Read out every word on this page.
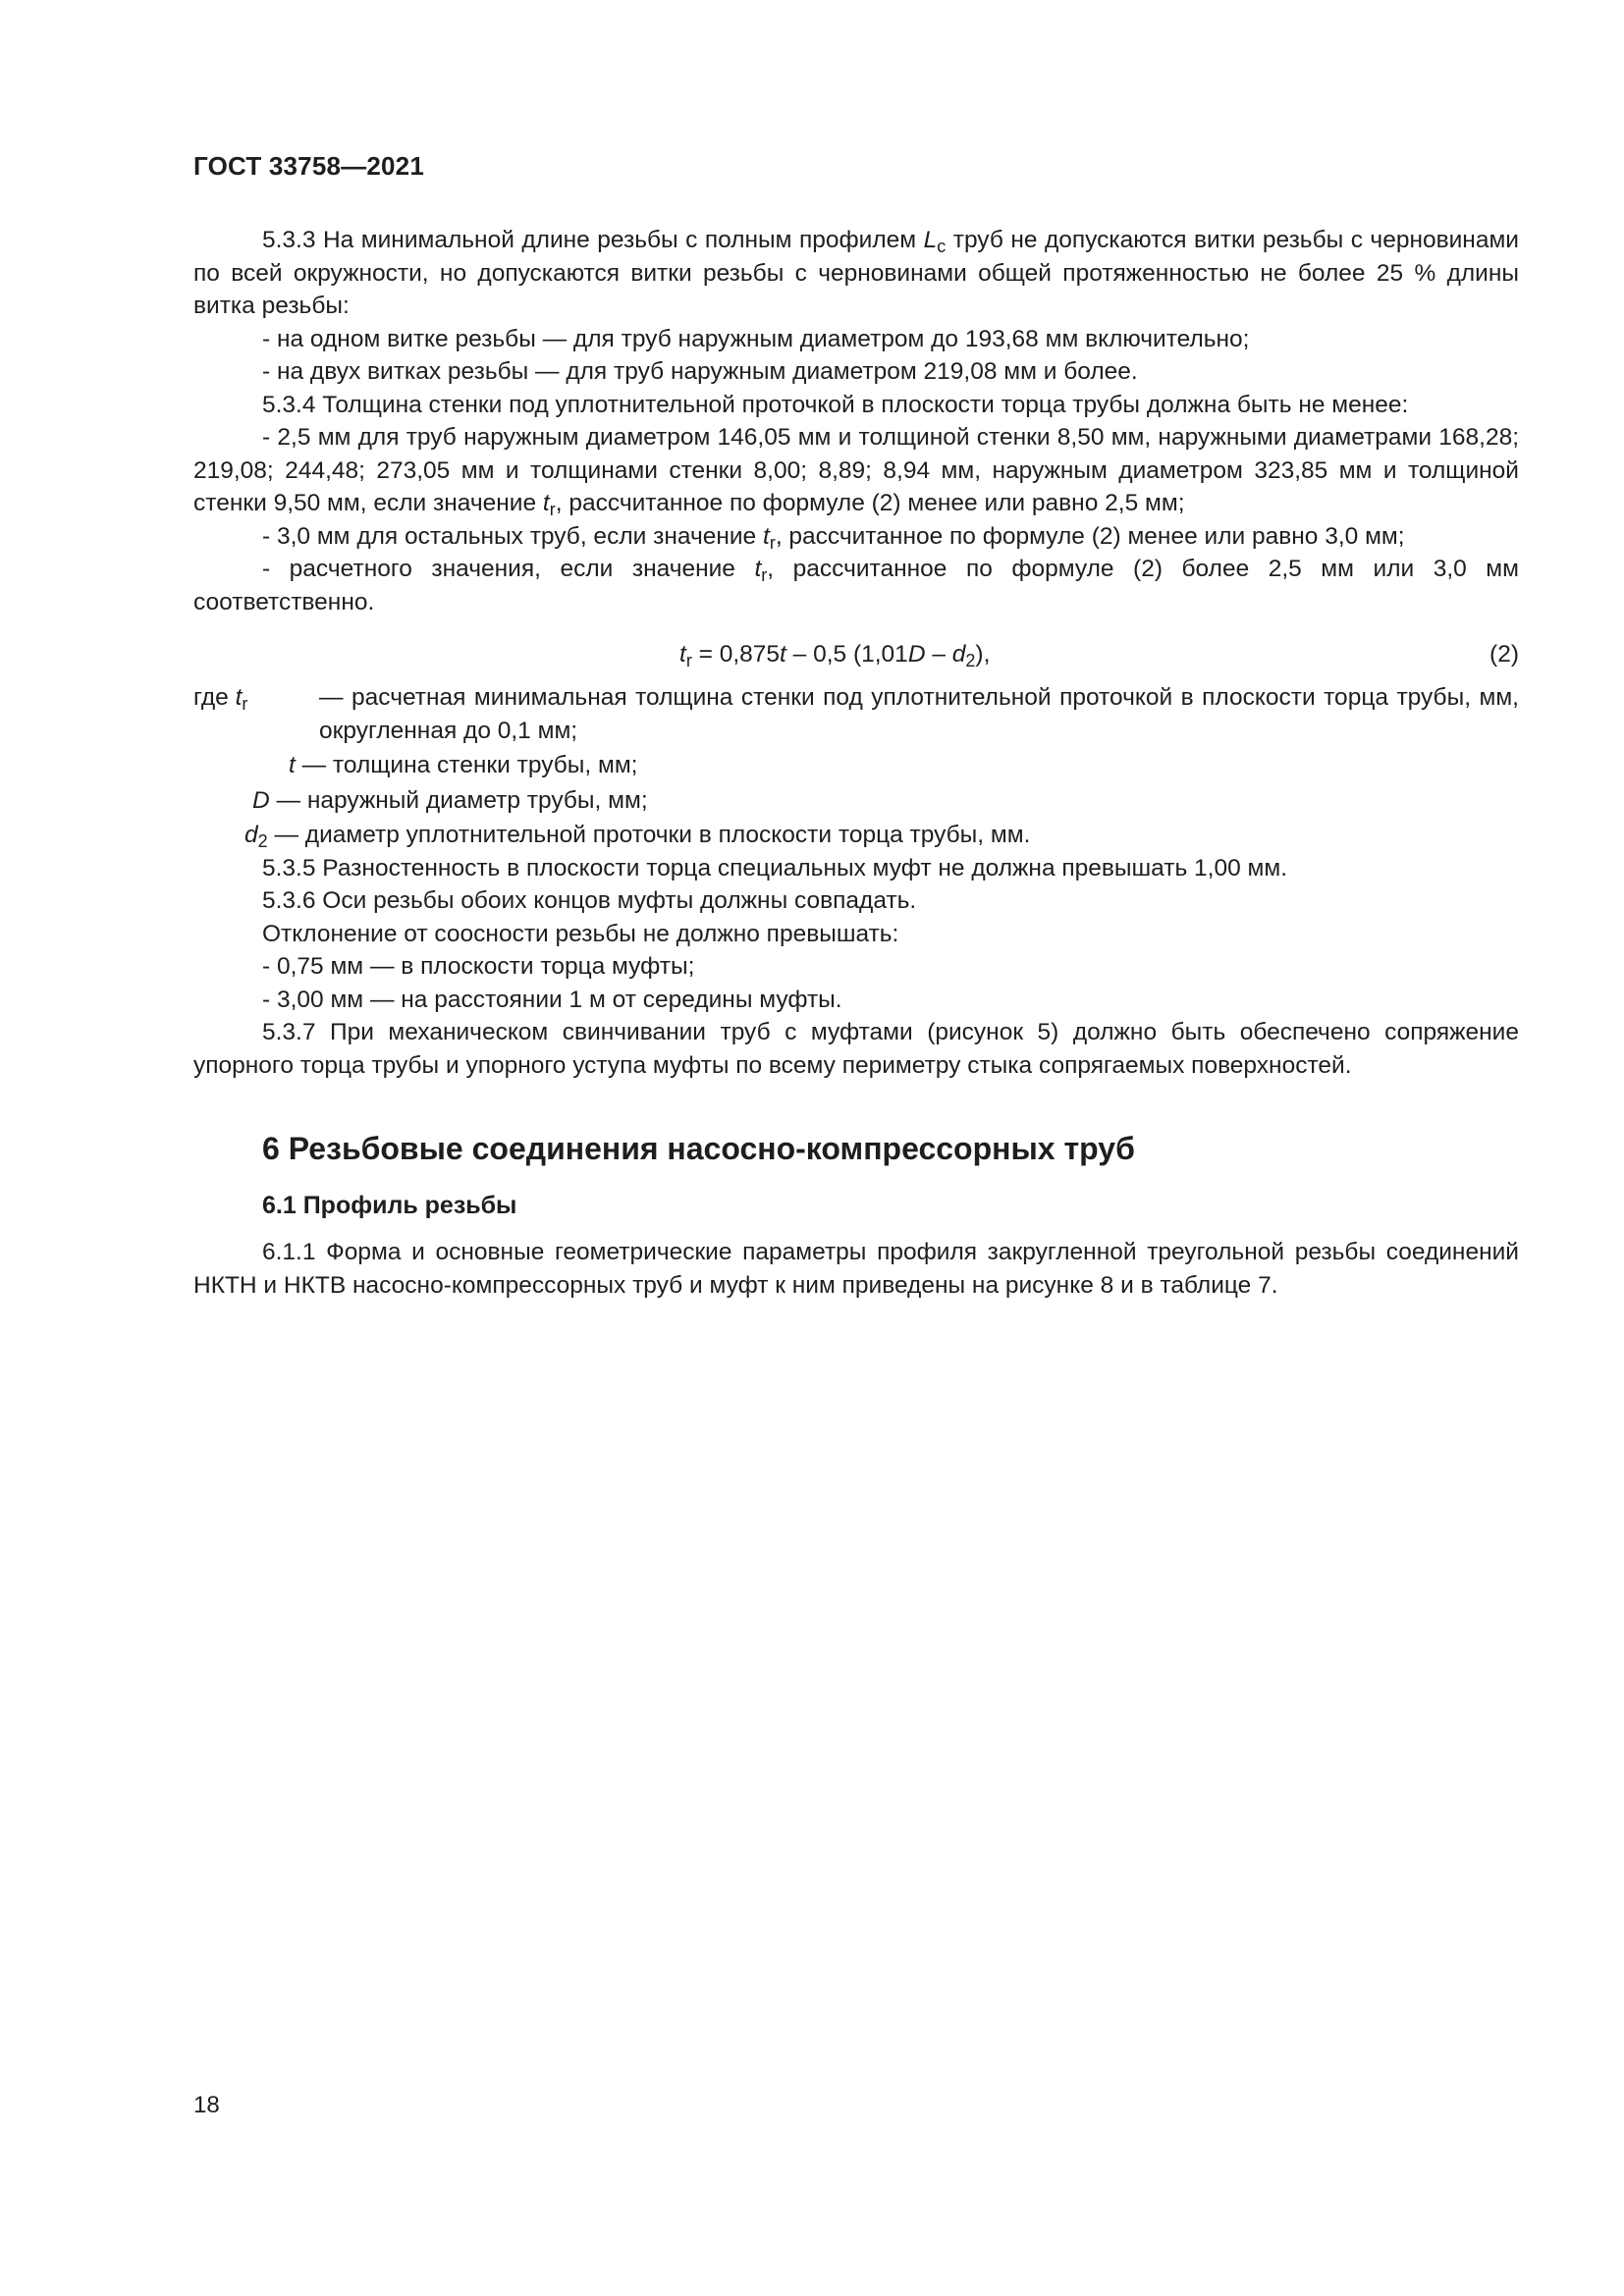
ГОСТ 33758—2021

5.3.3 На минимальной длине резьбы с полным профилем $L_c$ труб не допускаются витки резьбы с черновинами по всей окружности, но допускаются витки резьбы с черновинами общей протяженностью не более 25 % длины витка резьбы:

- на одном витке резьбы — для труб наружным диаметром до 193,68 мм включительно;

- на двух витках резьбы — для труб наружным диаметром 219,08 мм и более.

5.3.4 Толщина стенки под уплотнительной проточкой в плоскости торца трубы должна быть не менее:

- 2,5 мм для труб наружным диаметром 146,05 мм и толщиной стенки 8,50 мм, наружными диаметрами 168,28; 219,08; 244,48; 273,05 мм и толщинами стенки 8,00; 8,89; 8,94 мм, наружным диаметром 323,85 мм и толщиной стенки 9,50 мм, если значение $t_r$, рассчитанное по формуле (2) менее или равно 2,5 мм;

- 3,0 мм для остальных труб, если значение $t_r$, рассчитанное по формуле (2) менее или равно 3,0 мм;

- расчетного значения, если значение $t_r$, рассчитанное по формуле (2) более 2,5 мм или 3,0 мм соответственно.

$t_r = 0,875t - 0,5$ $(1,01D - d_2)$,	(2)
где $t_r$	— расчетная минимальная толщина стенки под уплотнительной проточкой в плоскости торца трубы, мм, округленная до 0,1 мм;

t — толщина стенки трубы, мм;

D — наружный диаметр трубы, мм;

$d_2$ — диаметр уплотнительной проточки в плоскости торца трубы, мм.

5.3.5 Разностенность в плоскости торца специальных муфт не должна превышать 1,00 мм.

5.3.6 Оси резьбы обоих концов муфты должны совпадать.

Отклонение от соосности резьбы не должно превышать:

- 0,75 мм — в плоскости торца муфты;

- 3,00 мм — на расстоянии 1 м от середины муфты.

5.3.7 При механическом свинчивании труб с муфтами (рисунок 5) должно быть обеспечено сопряжение упорного торца трубы и упорного уступа муфты по всему периметру стыка сопрягаемых поверхностей.

6 Резьбовые соединения насосно-компрессорных труб
6.1 Профиль резьбы

6.1.1 Форма и основные геометрические параметры профиля закругленной треугольной резьбы соединений НКТН и НКТВ насосно-компрессорных труб и муфт к ним приведены на рисунке 8 и в таблице 7.

18
